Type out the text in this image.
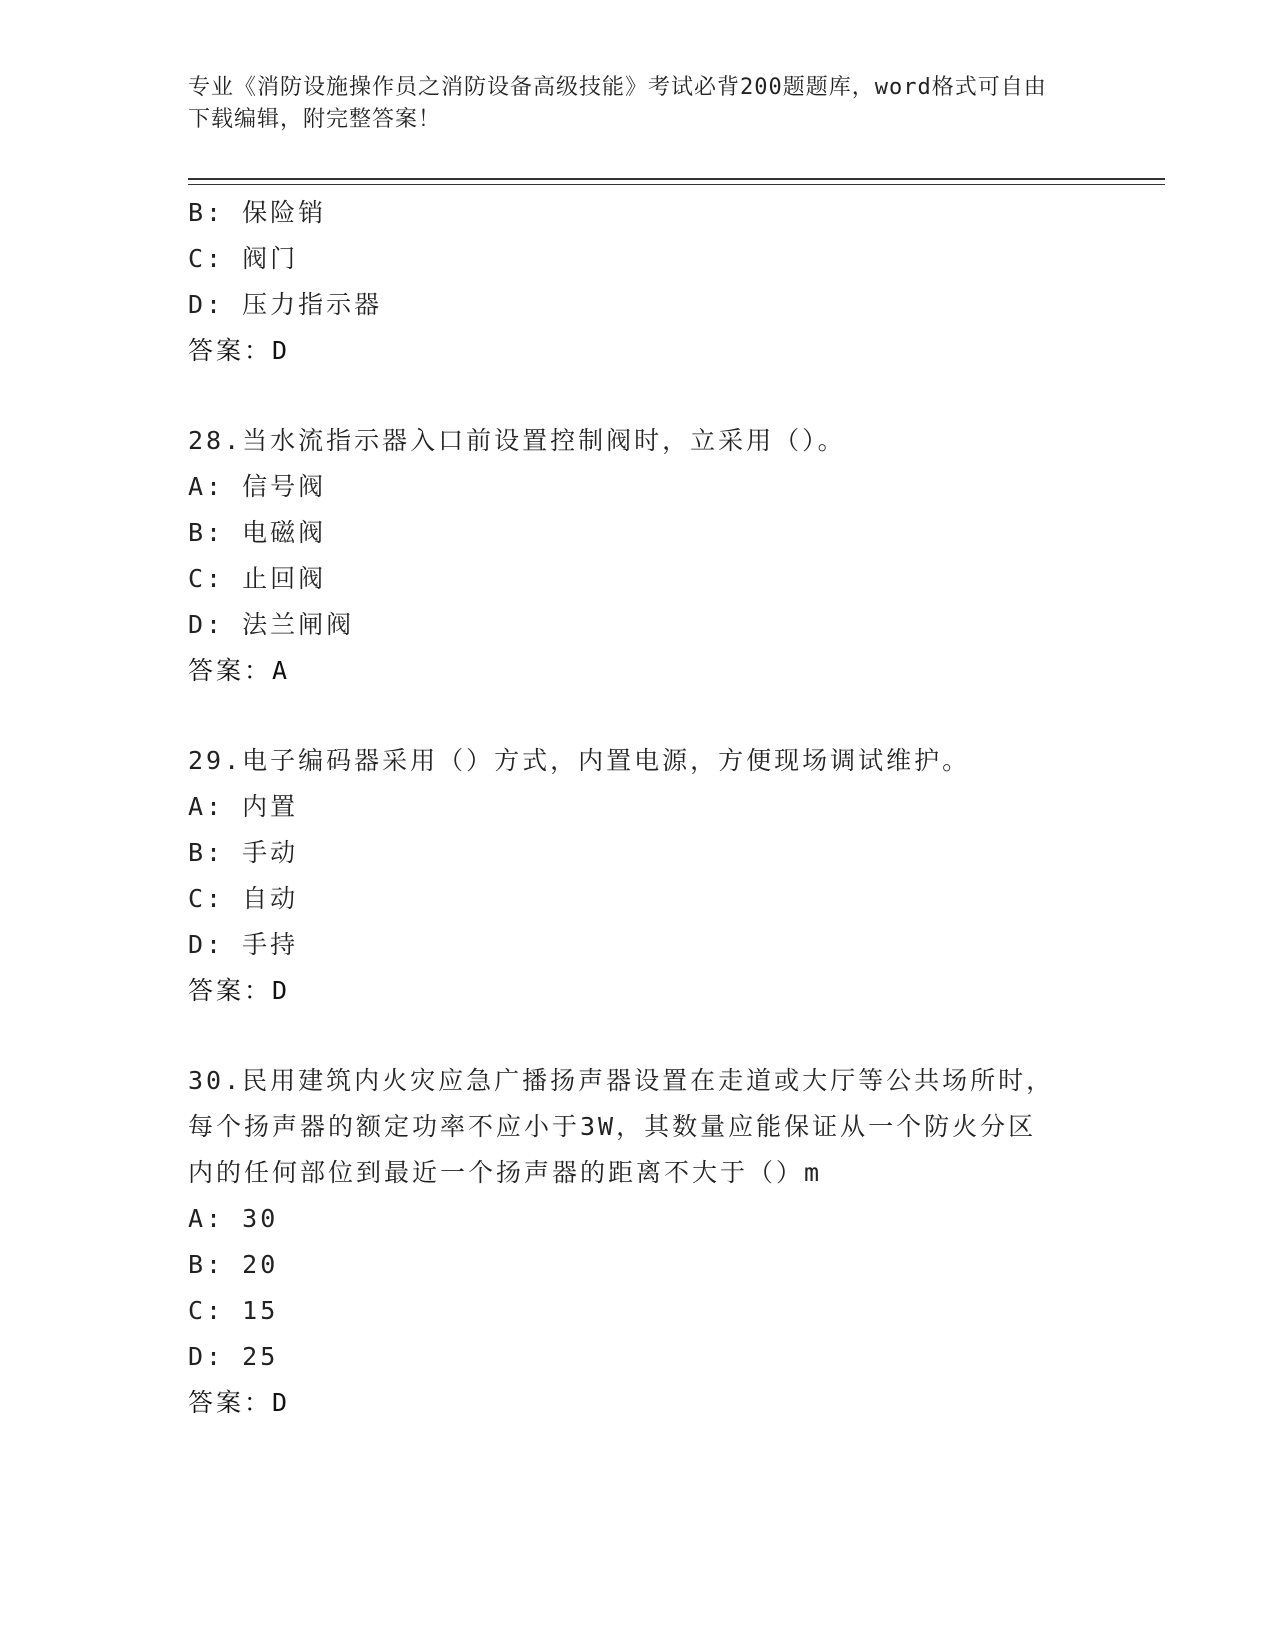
专业《消防设施操作员之消防设备高级技能》考试必背200题题库，word格式可自由下载编辑，附完整答案！
B: 保险销
C: 阀门
D: 压力指示器
答案：D
28.当水流指示器入口前设置控制阀时，立采用（）。
A: 信号阀
B: 电磁阀
C: 止回阀
D: 法兰闸阀
答案：A
29.电子编码器采用（）方式，内置电源，方便现场调试维护。
A: 内置
B: 手动
C: 自动
D: 手持
答案：D
30.民用建筑内火灾应急广播扬声器设置在走道或大厅等公共场所时，
每个扬声器的额定功率不应小于3W，其数量应能保证从一个防火分区
内的任何部位到最近一个扬声器的距离不大于（）m
A: 30
B: 20
C: 15
D: 25
答案：D
